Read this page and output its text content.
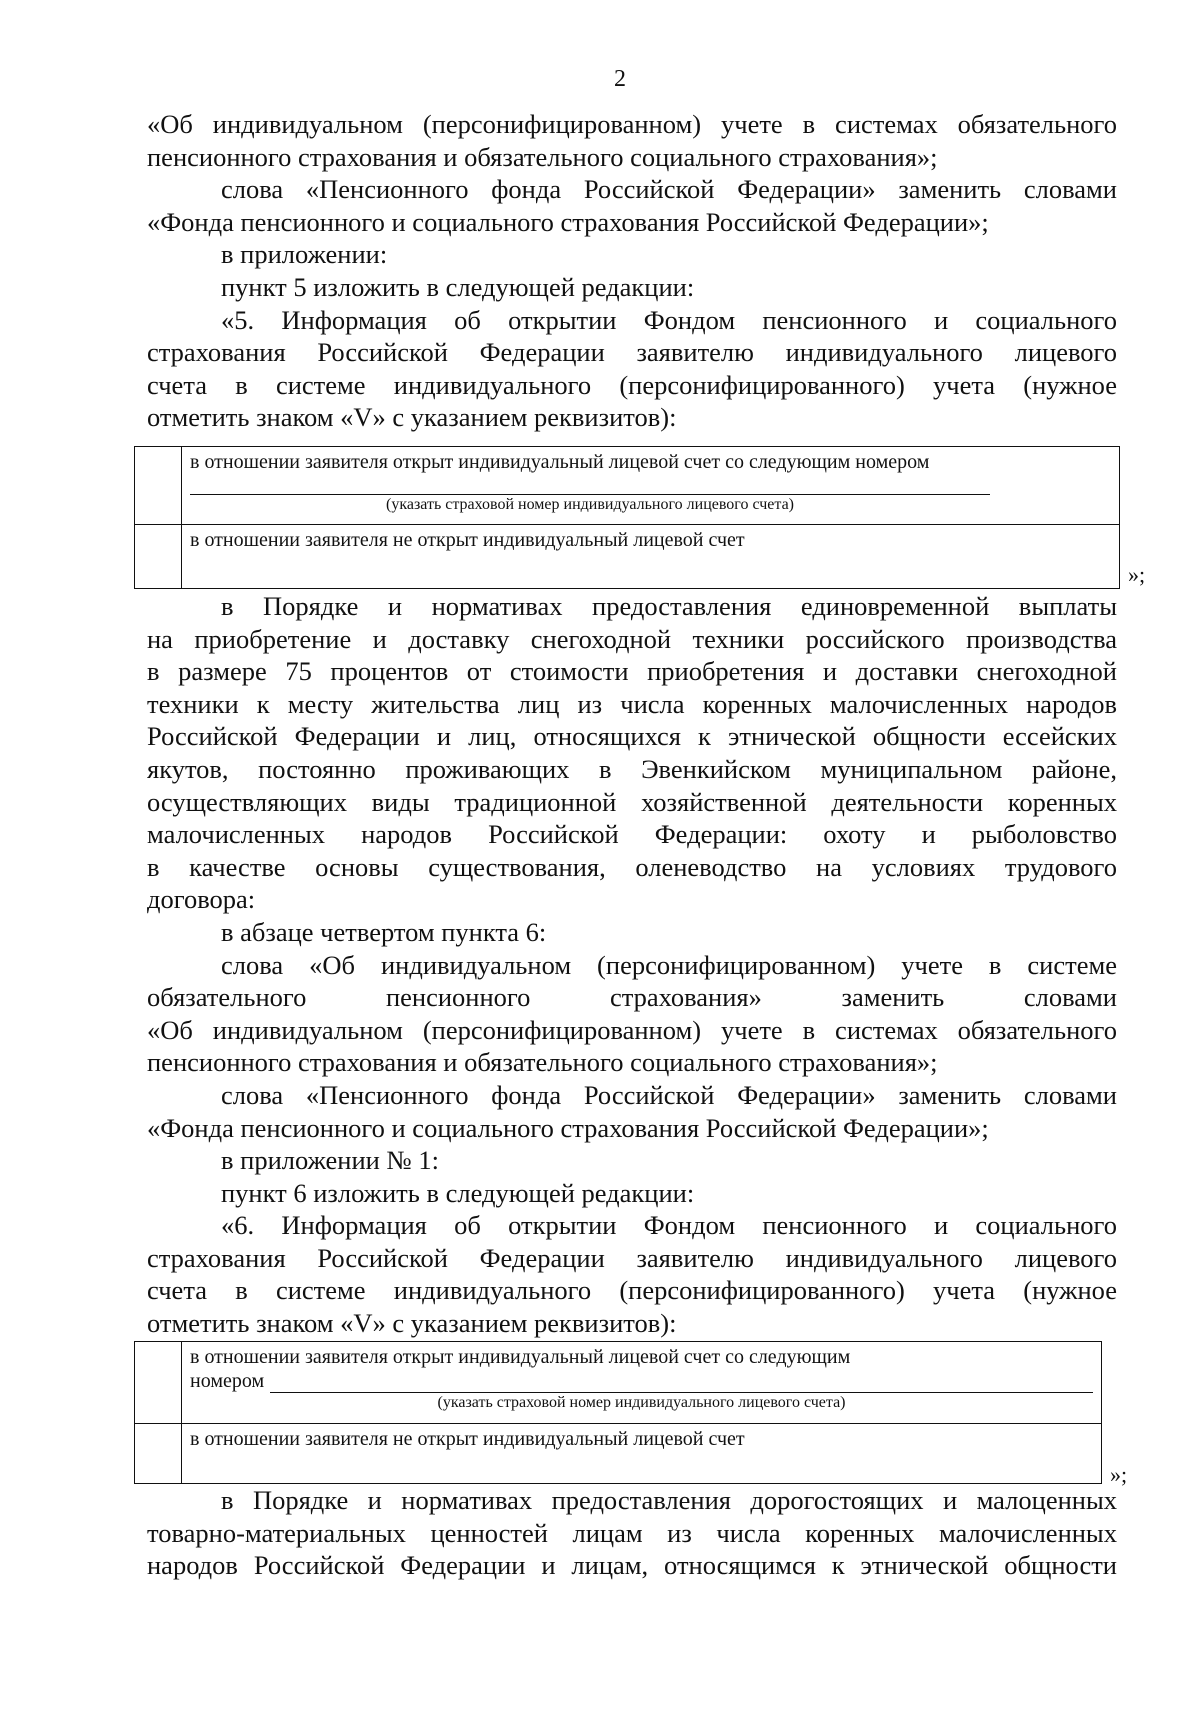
2

«Об индивидуальном (персонифицированном) учете в системах обязательного

пенсионного страхования и обязательного социального страхования»;

слова «Пенсионного фонда Российской Федерации» заменить словами

«Фонда пенсионного и социального страхования Российской Федерации»;

в приложении:

пункт 5 изложить в следующей редакции:

«5. Информация об открытии Фондом пенсионного и социального

страхования Российской Федерации заявителю индивидуального лицевого

счета в системе индивидуального (персонифицированного) учета (нужное

отметить знаком «V» с указанием реквизитов):

	в отношении заявителя открыт индивидуальный лицевой счет со следующим номером
(указать страховой номер индивидуального лицевого счета)

	в отношении заявителя не открыт индивидуальный лицевой счет
»;

в Порядке и нормативах предоставления единовременной выплаты

на приобретение и доставку снегоходной техники российского производства

в размере 75 процентов от стоимости приобретения и доставки снегоходной

техники к месту жительства лиц из числа коренных малочисленных народов

Российской Федерации и лиц, относящихся к этнической общности ессейских

якутов, постоянно проживающих в Эвенкийском муниципальном районе,

осуществляющих виды традиционной хозяйственной деятельности коренных

малочисленных народов Российской Федерации: охоту и рыболовство

в качестве основы существования, оленеводство на условиях трудового

договора:

в абзаце четвертом пункта 6:

слова «Об индивидуальном (персонифицированном) учете в системе

обязательного пенсионного страхования» заменить словами

«Об индивидуальном (персонифицированном) учете в системах обязательного

пенсионного страхования и обязательного социального страхования»;

слова «Пенсионного фонда Российской Федерации» заменить словами

«Фонда пенсионного и социального страхования Российской Федерации»;

в приложении № 1:

пункт 6 изложить в следующей редакции:

«6. Информация об открытии Фондом пенсионного и социального

страхования Российской Федерации заявителю индивидуального лицевого

счета в системе индивидуального (персонифицированного) учета (нужное

отметить знаком «V» с указанием реквизитов):

	в отношении заявителя открыт индивидуальный лицевой счет со следующим
номером
(указать страховой номер индивидуального лицевого счета)

	в отношении заявителя не открыт индивидуальный лицевой счет
»;

в Порядке и нормативах предоставления дорогостоящих и малоценных

товарно-материальных ценностей лицам из числа коренных малочисленных

народов Российской Федерации и лицам, относящимся к этнической общности
